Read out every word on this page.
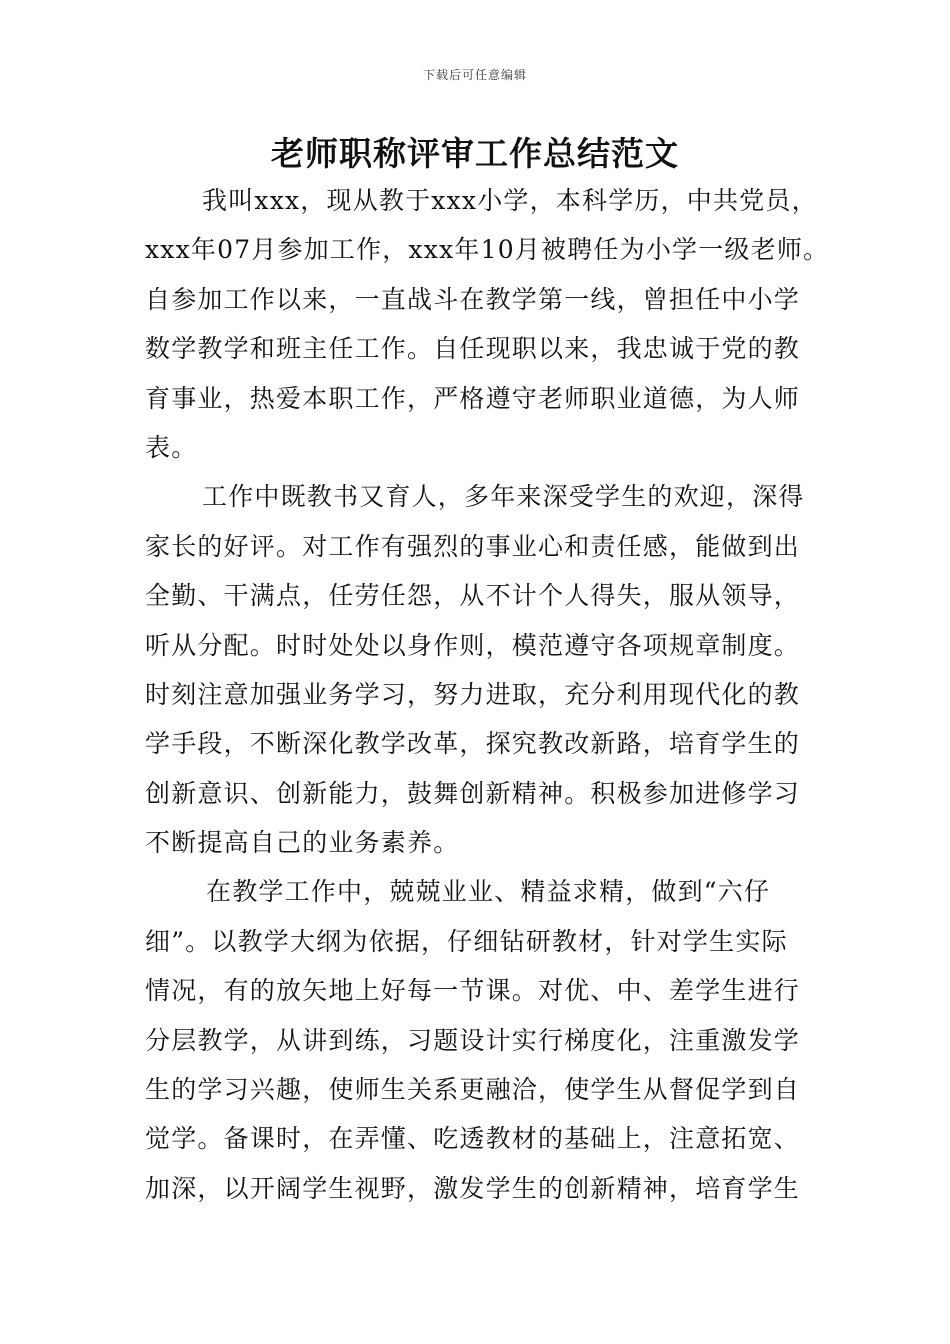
下载后可任意编辑
老师职称评审工作总结范文
我叫xxx，现从教于xxx小学，本科学历，中共党员，
xxx年07月参加工作，xxx年10月被聘任为小学一级老师。
自参加工作以来，一直战斗在教学第一线，曾担任中小学
数学教学和班主任工作。自任现职以来，我忠诚于党的教
育事业，热爱本职工作，严格遵守老师职业道德，为人师
表。
工作中既教书又育人，多年来深受学生的欢迎，深得
家长的好评。对工作有强烈的事业心和责任感，能做到出
全勤、干满点，任劳任怨，从不计个人得失，服从领导，
听从分配。时时处处以身作则，模范遵守各项规章制度。
时刻注意加强业务学习，努力进取，充分利用现代化的教
学手段，不断深化教学改革，探究教改新路，培育学生的
创新意识、创新能力，鼓舞创新精神。积极参加进修学习
不断提高自己的业务素养。
在教学工作中，兢兢业业、精益求精，做到“六仔
细”。以教学大纲为依据，仔细钻研教材，针对学生实际
情况，有的放矢地上好每一节课。对优、中、差学生进行
分层教学，从讲到练，习题设计实行梯度化，注重激发学
生的学习兴趣，使师生关系更融洽，使学生从督促学到自
觉学。备课时，在弄懂、吃透教材的基础上，注意拓宽、
加深，以开阔学生视野，激发学生的创新精神，培育学生
